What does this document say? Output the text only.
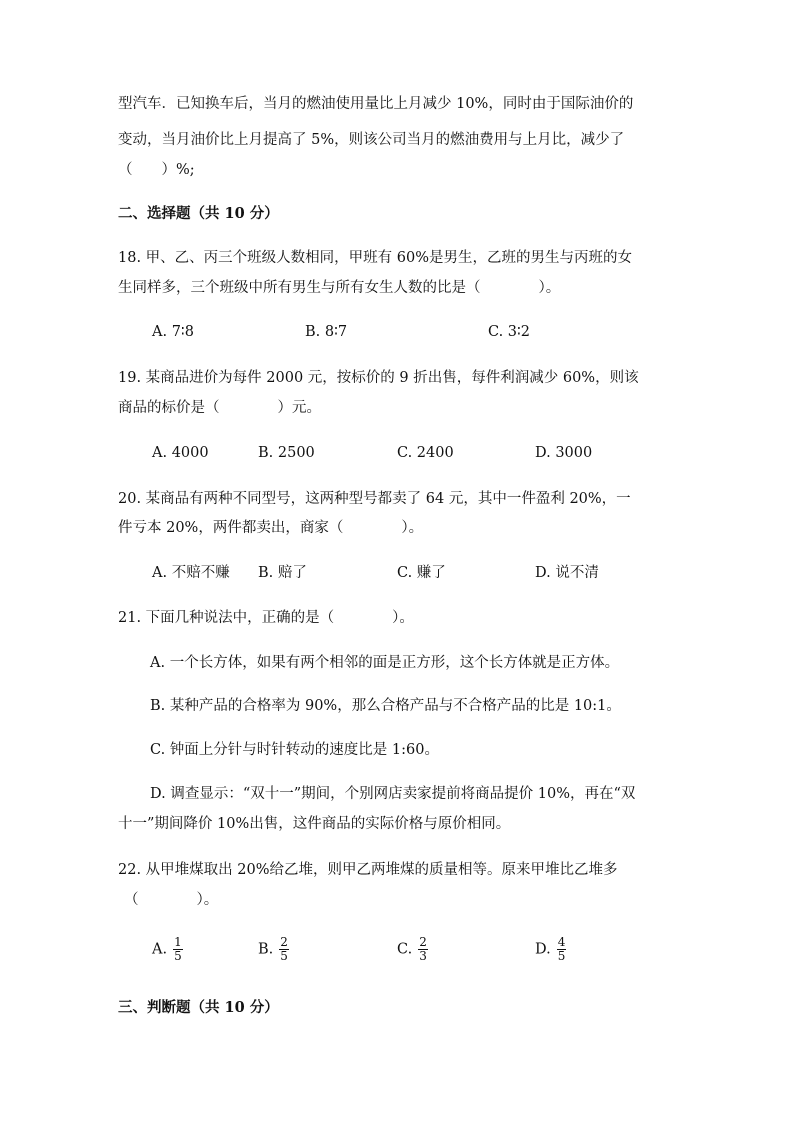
型汽车．已知换车后，当月的燃油使用量比上月减少 10%，同时由于国际油价的
变动，当月油价比上月提高了 5%，则该公司当月的燃油费用与上月比，减少了
（　　）%;
二、选择题（共 10 分）
18. 甲、乙、丙三个班级人数相同，甲班有 60%是男生，乙班的男生与丙班的女
生同样多，三个班级中所有男生与所有女生人数的比是（　　　　）。
A. 7∶8	B. 8∶7	C. 3∶2
19. 某商品进价为每件 2000 元，按标价的 9 折出售，每件利润减少 60%，则该
商品的标价是（　　　　）元。
A. 4000	B. 2500	C. 2400	D. 3000
20. 某商品有两种不同型号，这两种型号都卖了 64 元，其中一件盈利 20%，一
件亏本 20%，两件都卖出，商家（　　　　）。
A. 不赔不赚 B. 赔了	C. 赚了	D. 说不清
21. 下面几种说法中，正确的是（　　　　）。
A. 一个长方体，如果有两个相邻的面是正方形，这个长方体就是正方体。
B. 某种产品的合格率为 90%，那么合格产品与不合格产品的比是 10:1。
C. 钟面上分针与时针转动的速度比是 1:60。
D. 调查显示：“双十一”期间，个别网店卖家提前将商品提价 10%，再在“双
十一”期间降价 10%出售，这件商品的实际价格与原价相同。
22. 从甲堆煤取出 20%给乙堆，则甲乙两堆煤的质量相等。原来甲堆比乙堆多
（　　　　）。
A. $\frac{1}{5}$	B. $\frac{2}{5}$	C. $\frac{2}{3}$	D. $\frac{4}{5}$
三、判断题（共 10 分）
